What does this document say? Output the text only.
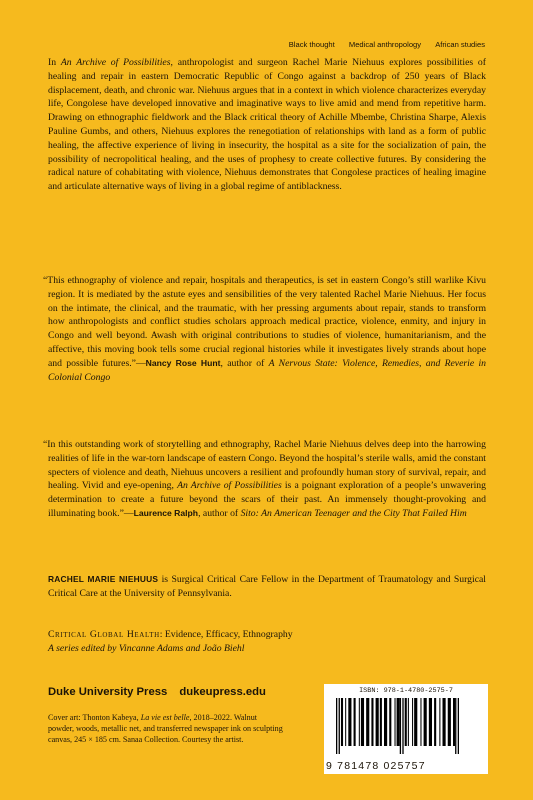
Black thought Medical anthropology African studies
In An Archive of Possibilities, anthropologist and surgeon Rachel Marie Niehuus explores possibilities of healing and repair in eastern Democratic Republic of Congo against a backdrop of 250 years of Black displacement, death, and chronic war. Niehuus argues that in a context in which violence characterizes everyday life, Congolese have developed innovative and imaginative ways to live amid and mend from repetitive harm. Drawing on ethnographic fieldwork and the Black critical theory of Achille Mbembe, Christina Sharpe, Alexis Pauline Gumbs, and others, Niehuus explores the renegotiation of relationships with land as a form of public healing, the affective experience of living in insecurity, the hospital as a site for the socialization of pain, the possibility of necropolitical healing, and the uses of prophesy to create collective futures. By considering the radical nature of cohabitating with violence, Niehuus demonstrates that Congolese practices of healing imagine and articulate alternative ways of living in a global regime of antiblackness.
“This ethnography of violence and repair, hospitals and therapeutics, is set in eastern Congo’s still warlike Kivu region. It is mediated by the astute eyes and sensibilities of the very talented Rachel Marie Niehuus. Her focus on the intimate, the clinical, and the traumatic, with her pressing arguments about repair, stands to transform how anthropologists and conflict studies scholars approach medical practice, violence, enmity, and injury in Congo and well beyond. Awash with original contributions to studies of violence, humanitarianism, and the affective, this moving book tells some crucial regional histories while it investigates lively strands about hope and possible futures.”—Nancy Rose Hunt, author of A Nervous State: Violence, Remedies, and Reverie in Colonial Congo
“In this outstanding work of storytelling and ethnography, Rachel Marie Niehuus delves deep into the harrowing realities of life in the war-torn landscape of eastern Congo. Beyond the hospital’s sterile walls, amid the constant specters of violence and death, Niehuus uncovers a resilient and profoundly human story of survival, repair, and healing. Vivid and eye-opening, An Archive of Possibilities is a poignant exploration of a people’s unwavering determination to create a future beyond the scars of their past. An immensely thought-provoking and illuminating book.”—Laurence Ralph, author of Sito: An American Teenager and the City That Failed Him
RACHEL MARIE NIEHUUS is Surgical Critical Care Fellow in the Department of Traumatology and Surgical Critical Care at the University of Pennsylvania.
Critical Global Health: Evidence, Efficacy, Ethnography
A series edited by Vincanne Adams and João Biehl
Duke University Press dukeupress.edu
Cover art: Thonton Kabeya, La vie est belle, 2018–2022. Walnut powder, woods, metallic net, and transferred newspaper ink on sculpting canvas, 245 × 185 cm. Sanaa Collection. Courtesy the artist.
ISBN: 978-1-4780-2575-7
9 781478 025757
